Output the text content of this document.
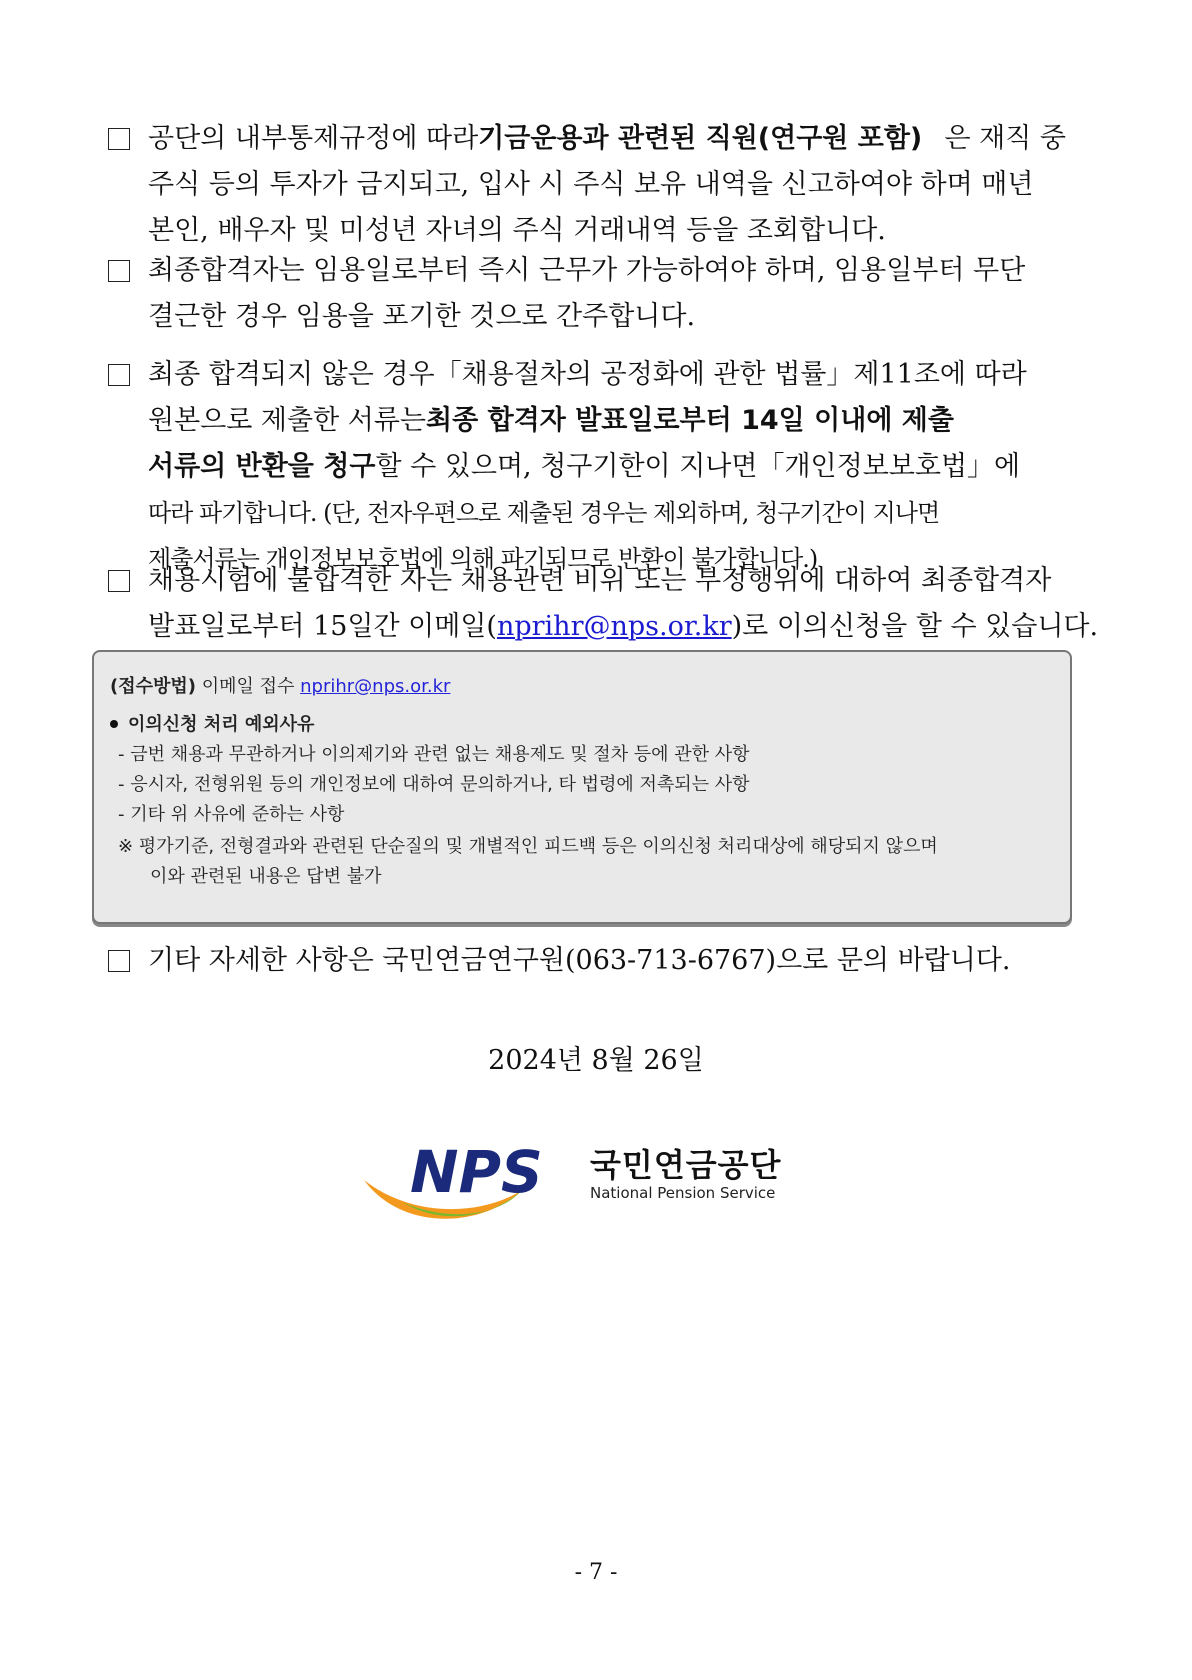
공단의 내부통제규정에 따라 기금운용과 관련된 직원(연구원 포함) 은 재직 중
주식 등의 투자가 금지되고, 입사 시 주식 보유 내역을 신고하여야 하며 매년
본인, 배우자 및 미성년 자녀의 주식 거래내역 등을 조회합니다.
최종합격자는 임용일로부터 즉시 근무가 가능하여야 하며, 임용일부터 무단
결근한 경우 임용을 포기한 것으로 간주합니다.
최종 합격되지 않은 경우「채용절차의 공정화에 관한 법률」제11조에 따라
원본으로 제출한 서류는 최종 합격자 발표일로부터 14일 이내에 제출
서류의 반환을 청구 할 수 있으며, 청구기한이 지나면「개인정보보호법」에
따라 파기합니다. (단, 전자우편으로 제출된 경우는 제외하며, 청구기간이 지나면
제출서류는 개인정보보호법에 의해 파기되므로 반환이 불가합니다.)
채용시험에 불합격한 자는 채용관련 비위 또는 부정행위에 대하여 최종합격자
발표일로부터 15일간 이메일( nprihr@nps.or.kr )로 이의신청을 할 수 있습니다.
(접수방법) 이메일 접수 nprihr@nps.or.kr
이의신청 처리 예외사유
- 금번 채용과 무관하거나 이의제기와 관련 없는 채용제도 및 절차 등에 관한 사항
- 응시자, 전형위원 등의 개인정보에 대하여 문의하거나, 타 법령에 저촉되는 사항
- 기타 위 사유에 준하는 사항
※ 평가기준, 전형결과와 관련된 단순질의 및 개별적인 피드백 등은 이의신청 처리대상에 해당되지 않으며
이와 관련된 내용은 답변 불가
기타 자세한 사항은 국민연금연구원(063-713-6767)으로 문의 바랍니다.
2024년 8월 26일
NPS 국민연금공단
National Pension Service
- 7 -
